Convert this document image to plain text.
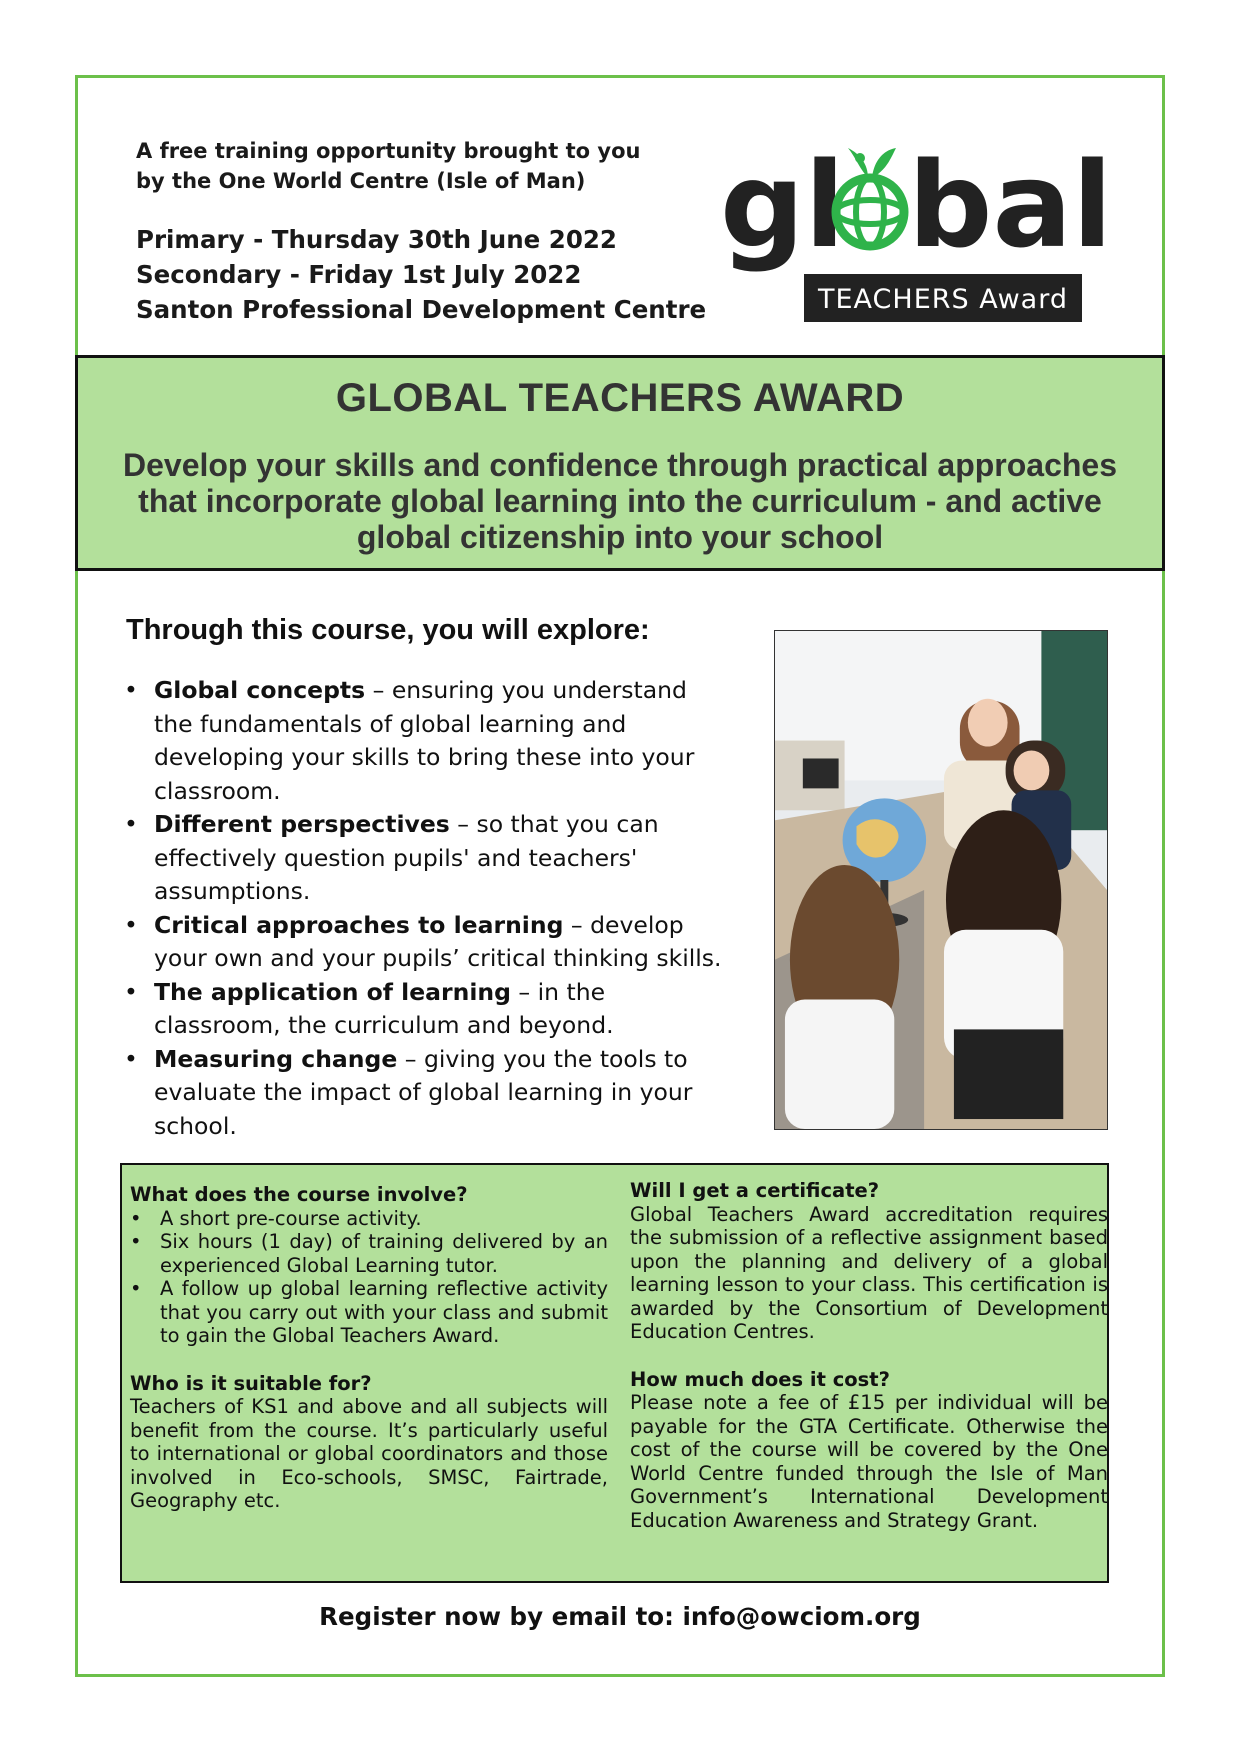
A free training opportunity brought to you
by the One World Centre (Isle of Man)
Primary - Thursday 30th June 2022
Secondary - Friday 1st July 2022
Santon Professional Development Centre
gl bal
TEACHERS Award
GLOBAL TEACHERS AWARD
Develop your skills and confidence through practical approaches that incorporate global learning into the curriculum - and active global citizenship into your school
Through this course, you will explore:
• Global concepts – ensuring you understand the fundamentals of global learning and developing your skills to bring these into your classroom.
• Different perspectives – so that you can effectively question pupils' and teachers' assumptions.
• Critical approaches to learning – develop your own and your pupils’ critical thinking skills.
• The application of learning – in the classroom, the curriculum and beyond.
• Measuring change – giving you the tools to evaluate the impact of global learning in your school.

What does the course involve?

• A short pre-course activity.
• Six hours (1 day) of training delivered by an experienced Global Learning tutor.
• A follow up global learning reflective activity that you carry out with your class and submit to gain the Global Teachers Award.

Who is it suitable for?

Teachers of KS1 and above and all subjects will benefit from the course. It’s particularly useful to international or global coordinators and those involved in Eco-schools, SMSC, Fairtrade, Geography etc.

Will I get a certificate?

Global Teachers Award accreditation requires the submission of a reflective assignment based upon the planning and delivery of a global learning lesson to your class. This certification is awarded by the Consortium of Development Education Centres.

How much does it cost?

Please note a fee of £15 per individual will be payable for the GTA Certificate. Otherwise the cost of the course will be covered by the One World Centre funded through the Isle of Man Government’s International Development Education Awareness and Strategy Grant.

Register now by email to: info@owciom.org
